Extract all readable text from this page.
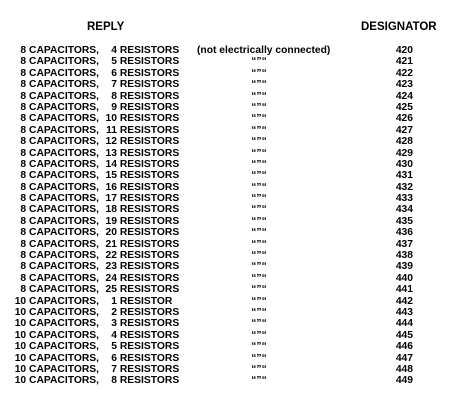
REPLY	DESIGNATOR
8 CAPACITORS,	4 RESISTORS (not electrically connected)	420
8 CAPACITORS,	5 RESISTORS	“”“	421
8 CAPACITORS,	6 RESISTORS	“”“	422
8 CAPACITORS,	7 RESISTORS	“”“	423
8 CAPACITORS,	8 RESISTORS	“”“	424
8 CAPACITORS,	9 RESISTORS	“”“	425
8 CAPACITORS, 10 RESISTORS	“”“	426
8 CAPACITORS, 11 RESISTORS	“”“	427
8 CAPACITORS, 12 RESISTORS	“”“	428
8 CAPACITORS, 13 RESISTORS	“”“	429
8 CAPACITORS, 14 RESISTORS	“”“	430
8 CAPACITORS, 15 RESISTORS	“”“	431
8 CAPACITORS, 16 RESISTORS	“”“	432
8 CAPACITORS, 17 RESISTORS	“”“	433
8 CAPACITORS, 18 RESISTORS	“”“	434
8 CAPACITORS, 19 RESISTORS	“”“	435
8 CAPACITORS, 20 RESISTORS	“”“	436
8 CAPACITORS, 21 RESISTORS	“”“	437
8 CAPACITORS, 22 RESISTORS	“”“	438
8 CAPACITORS, 23 RESISTORS	“”“	439
8 CAPACITORS, 24 RESISTORS	“”“	440
8 CAPACITORS, 25 RESISTORS	“”“	441
10 CAPACITORS,	1 RESISTOR	“”“	442
10 CAPACITORS,	2 RESISTORS	“”“	443
10 CAPACITORS,	3 RESISTORS	“”“	444
10 CAPACITORS,	4 RESISTORS	“”“	445
10 CAPACITORS,	5 RESISTORS	“”“	446
10 CAPACITORS,	6 RESISTORS	“”“	447
10 CAPACITORS,	7 RESISTORS	“”“	448
10 CAPACITORS,	8 RESISTORS	“”“	449
